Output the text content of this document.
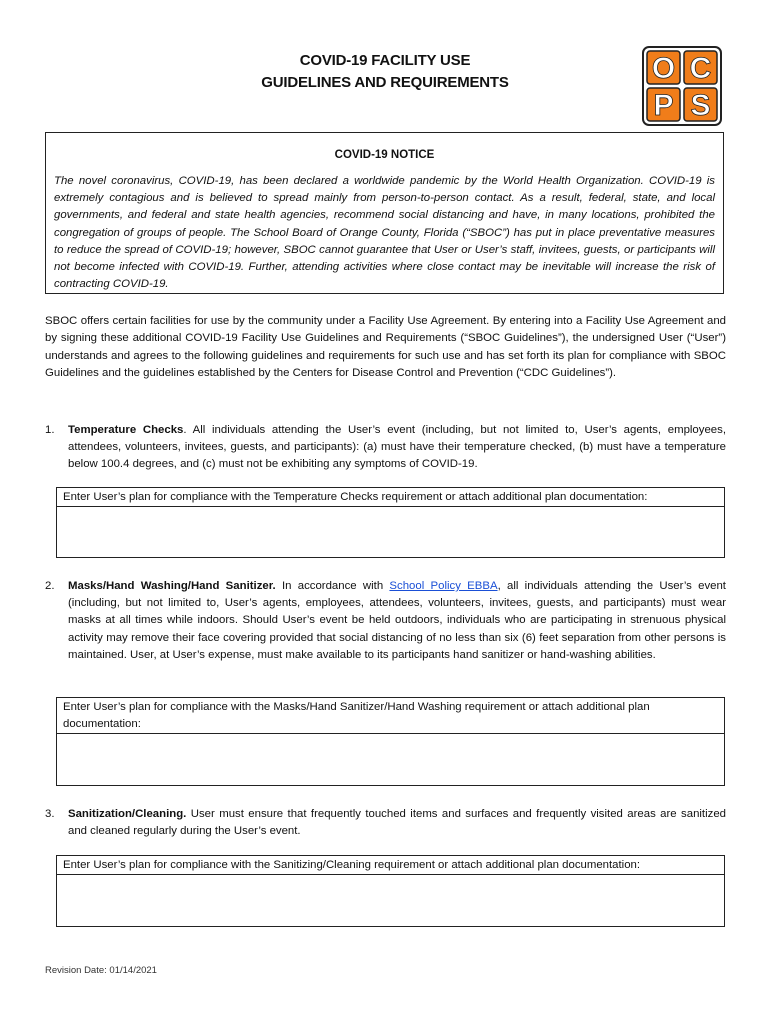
COVID-19 FACILITY USE
GUIDELINES AND REQUIREMENTS	O C
P S
COVID-19 NOTICE
The novel coronavirus, COVID-19, has been declared a worldwide pandemic by the World Health Organization. COVID-19 is extremely contagious and is believed to spread mainly from person-to-person contact. As a result, federal, state, and local governments, and federal and state health agencies, recommend social distancing and have, in many locations, prohibited the congregation of groups of people. The School Board of Orange County, Florida (“SBOC”) has put in place preventative measures to reduce the spread of COVID-19; however, SBOC cannot guarantee that User or User’s staff, invitees, guests, or participants will not become infected with COVID-19. Further, attending activities where close contact may be inevitable will increase the risk of contracting COVID-19.
SBOC offers certain facilities for use by the community under a Facility Use Agreement. By entering into a Facility Use Agreement and by signing these additional COVID-19 Facility Use Guidelines and Requirements (“SBOC Guidelines”), the undersigned User (“User”) understands and agrees to the following guidelines and requirements for such use and has set forth its plan for compliance with SBOC Guidelines and the guidelines established by the Centers for Disease Control and Prevention (“CDC Guidelines”).
1. Temperature Checks. All individuals attending the User’s event (including, but not limited to, User’s agents, employees, attendees, volunteers, invitees, guests, and participants): (a) must have their temperature checked, (b) must have a temperature below 100.4 degrees, and (c) must not be exhibiting any symptoms of COVID-19.
Enter User’s plan for compliance with the Temperature Checks requirement or attach additional plan documentation:
2. Masks/Hand Washing/Hand Sanitizer. In accordance with School Policy EBBA, all individuals attending the User’s event (including, but not limited to, User’s agents, employees, attendees, volunteers, invitees, guests, and participants) must wear masks at all times while indoors. Should User’s event be held outdoors, individuals who are participating in strenuous physical activity may remove their face covering provided that social distancing of no less than six (6) feet separation from other persons is maintained. User, at User’s expense, must make available to its participants hand sanitizer or hand-washing abilities.
Enter User’s plan for compliance with the Masks/Hand Sanitizer/Hand Washing requirement or attach additional plan documentation:
3. Sanitization/Cleaning. User must ensure that frequently touched items and surfaces and frequently visited areas are sanitized and cleaned regularly during the User’s event.
Enter User’s plan for compliance with the Sanitizing/Cleaning requirement or attach additional plan documentation:
Revision Date: 01/14/2021
